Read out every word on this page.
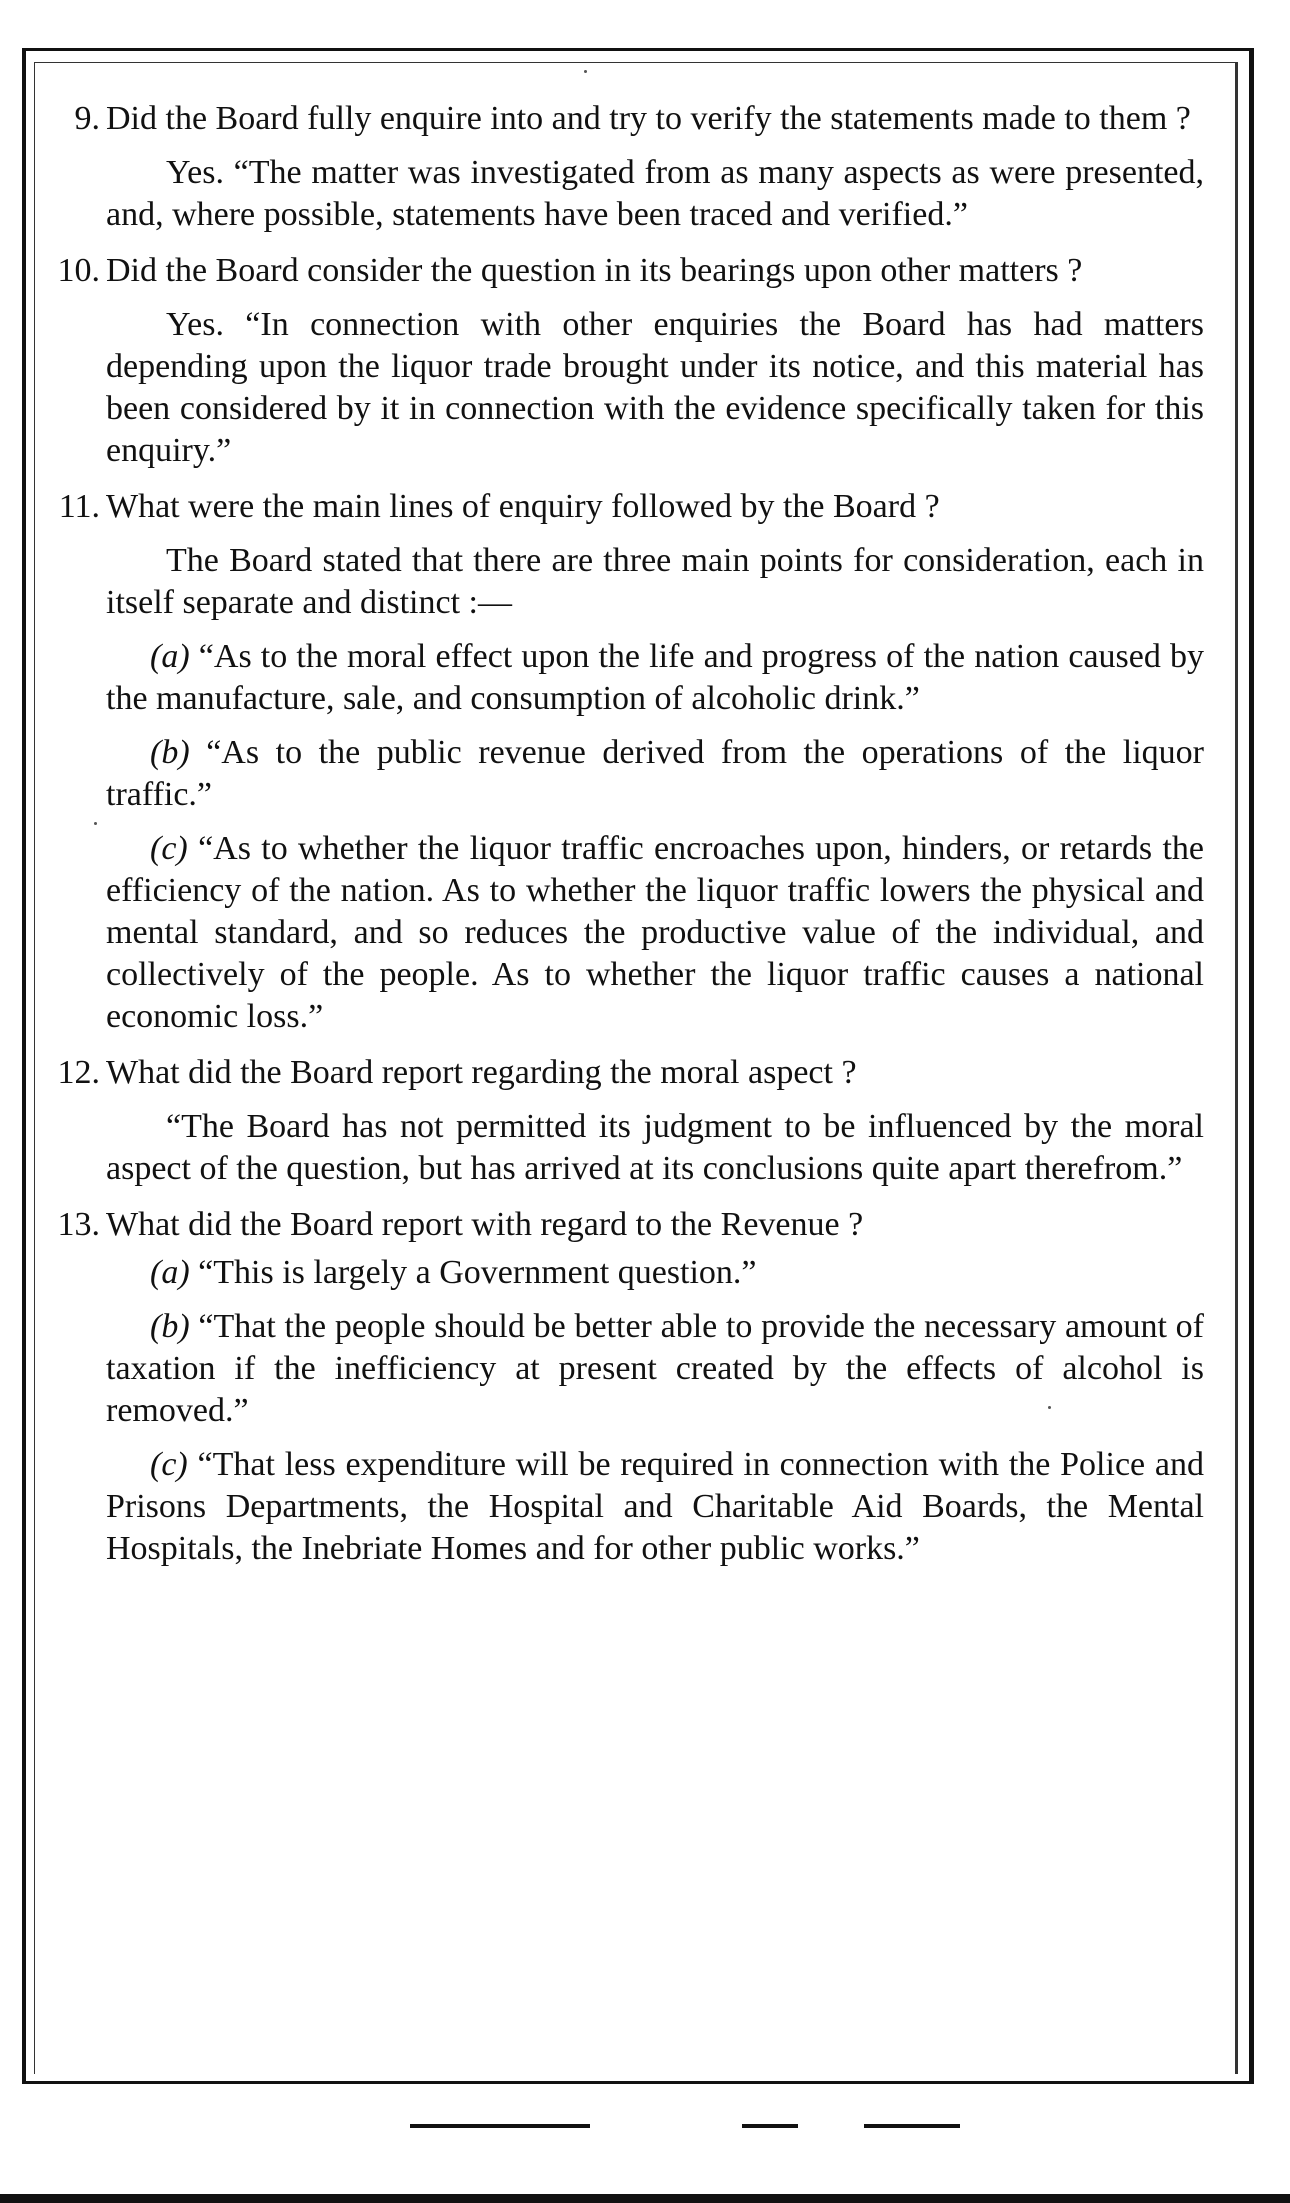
9. Did the Board fully enquire into and try to verify the statements made to them ?
Yes. “The matter was investigated from as many aspects as were presented, and, where possible, statements have been traced and verified.”
10. Did the Board consider the question in its bearings upon other matters ?
Yes. “In connection with other enquiries the Board has had matters depending upon the liquor trade brought under its notice, and this material has been considered by it in connection with the evidence specifically taken for this enquiry.”
11. What were the main lines of enquiry followed by the Board ?
The Board stated that there are three main points for consideration, each in itself separate and distinct :—
(a) “As to the moral effect upon the life and progress of the nation caused by the manufacture, sale, and consumption of alcoholic drink.”
(b) “As to the public revenue derived from the operations of the liquor traffic.”
(c) “As to whether the liquor traffic encroaches upon, hinders, or retards the efficiency of the nation. As to whether the liquor traffic lowers the physical and mental standard, and so reduces the productive value of the individual, and collectively of the people. As to whether the liquor traffic causes a national economic loss.”
12. What did the Board report regarding the moral aspect ?
“The Board has not permitted its judgment to be influenced by the moral aspect of the question, but has arrived at its conclusions quite apart therefrom.”
13. What did the Board report with regard to the Revenue ?
(a) “This is largely a Government question.”
(b) “That the people should be better able to provide the necessary amount of taxation if the inefficiency at present created by the effects of alcohol is removed.”
(c) “That less expenditure will be required in connection with the Police and Prisons Departments, the Hospital and Charitable Aid Boards, the Mental Hospitals, the Inebriate Homes and for other public works.”
